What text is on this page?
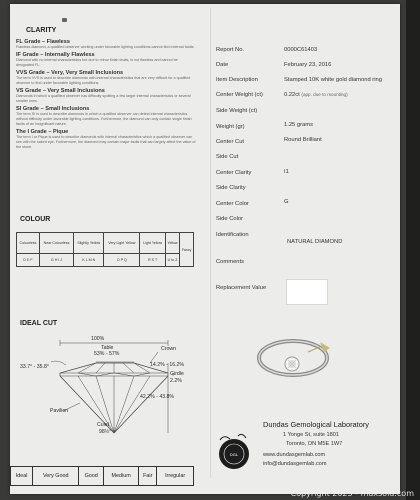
CLARITY
FL Grade – Flawless
Flawless diamond, a qualified observer working under favorable lighting conditions cannot find external faults.
IF Grade – Internally Flawless
Diamond with no internal characteristics but due to minor finish faults, is not flawless and cannot be designated FL.
VVS Grade – Very, Very Small Inclusions
The term VVS is used to describe diamonds with internal characteristics that are very difficult for a qualified observer to find under favorable lighting conditions.
VS Grade – Very Small Inclusions
Diamonds in which a qualified observer has difficulty spotting a few larger internal characteristics or several smaller ones.
SI Grade – Small Inclusions
The term SI is used to describe diamonds in which a qualified observer can detect internal characteristics without difficulty under favorable lighting conditions. Furthermore, the diamond can only contain single finish faults of an insignificant nature.
The I Grade – Pique
The term I or Pique is used to describe diamonds with internal characteristics which a qualified observer can see with the naked eye. Furthermore, the diamond may contain major faults that can largely affect the value of the stone.
COLOUR
Colourless	Near Colourless	Slightly Yellow	Very Light Yellow	Light Yellow	Yellow	Fancy
D E F	G H I J	K L M N	O P Q	R S T	U to Z	
IDEAL CUT
100%
Table
53% - 57%
Crown
33.7° - 35.8°	14.2% - 16.2%
Girdle
2.2%
42.2% - 43.8%
Pavilion
Culet
98½°
Ideal	Very Good	Good	Medium	Fair	Irregular
Report No.	0000C61403
Date	February 23, 2016
Item Description	Stamped 10K white gold diamond ring
Center Weight (ct)	0.22ct (app. due to mounting)
Side Weight (ct)
Weight (gr)	1.25 grams
Center Cut	Round Brilliant
Side Cut
Center Clarity	I1
Side Clarity
Center Color	G
Side Color
Identification
NATURAL DIAMOND
Comments
Replacement Value
DGL
Dundas Gemological Laboratory
1 Yonge St, suite 1801
Toronto, ON M5E 1W7
www.dundasgemlab.com
info@dundasgemlab.com
Copyright 2025 - maxsold.com
